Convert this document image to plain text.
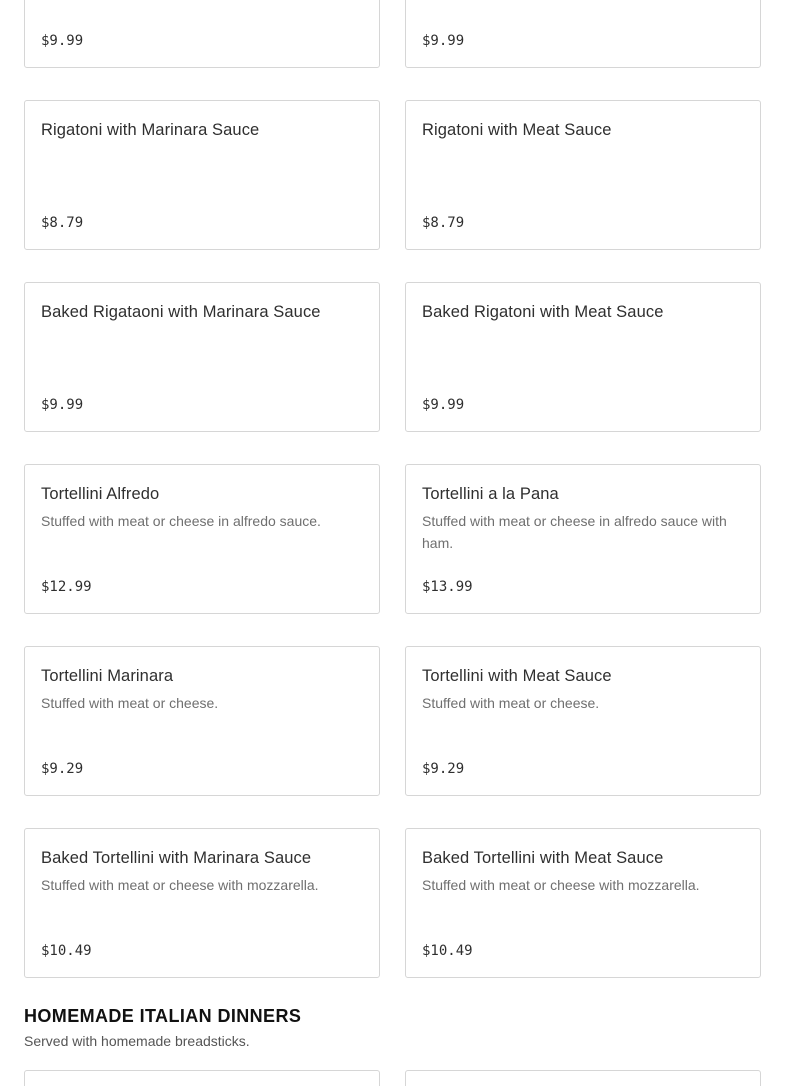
$9.99	$9.99
Rigatoni with Marinara Sauce
$8.79
Rigatoni with Meat Sauce
$8.79
Baked Rigataoni with Marinara Sauce
$9.99
Baked Rigatoni with Meat Sauce
$9.99
Tortellini Alfredo
Stuffed with meat or cheese in alfredo sauce.
$12.99
Tortellini a la Pana
Stuffed with meat or cheese in alfredo sauce with ham.
$13.99
Tortellini Marinara
Stuffed with meat or cheese.
$9.29
Tortellini with Meat Sauce
Stuffed with meat or cheese.
$9.29
Baked Tortellini with Marinara Sauce
Stuffed with meat or cheese with mozzarella.
$10.49
Baked Tortellini with Meat Sauce
Stuffed with meat or cheese with mozzarella.
$10.49
HOMEMADE ITALIAN DINNERS
Served with homemade breadsticks.
